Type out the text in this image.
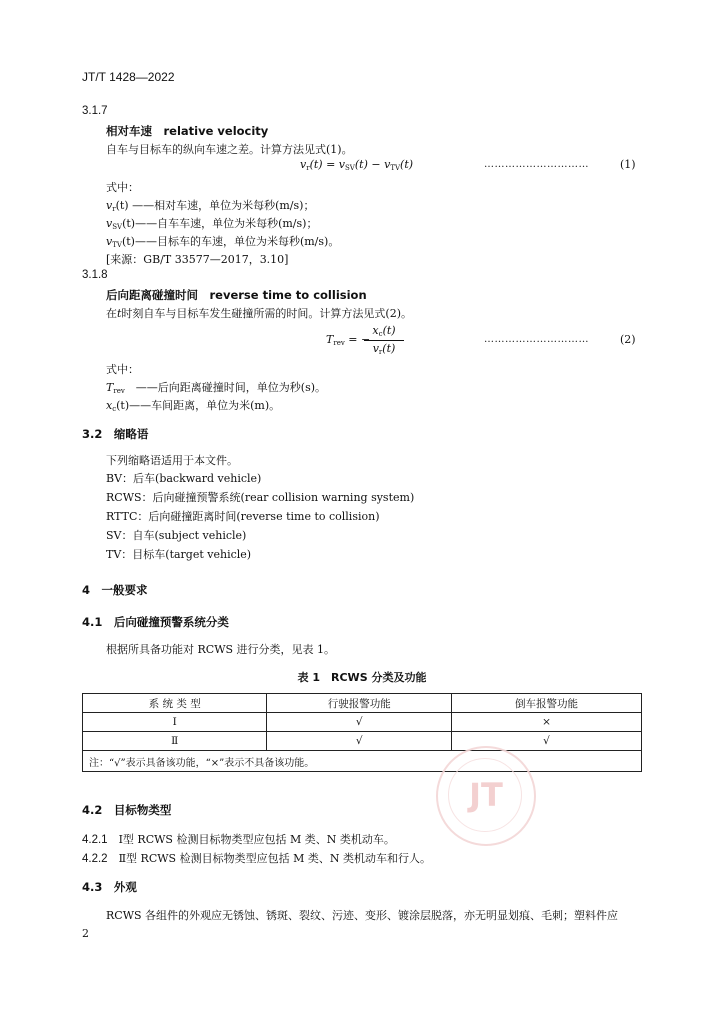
JT/T 1428—2022
3.1.7
相对车速　relative velocity
自车与目标车的纵向车速之差。计算方法见式(1)。
$v_r(t) = v_{SV}(t) - v_{TV}(t)$	…………………………	(1)
式中：
$v_r(t)$ ——相对车速，单位为米每秒(m/s)；
$v_{SV}(t)——$自车车速，单位为米每秒(m/s)；
$v_{TV}(t)——$目标车的车速，单位为米每秒(m/s)。
[来源：GB/T 33577—2017，3.10]
3.1.8
后向距离碰撞时间　reverse time to collision
在t时刻自车与目标车发生碰撞所需的时间。计算方法见式(2)。
$T_{rev}$ = −
$x_c(t)$
$v_r(t)$
…………………………	(2)
式中：
$T_{rev}$  ——后向距离碰撞时间，单位为秒(s)。
$x_c(t)——$车间距离，单位为米(m)。
3.2  缩略语
下列缩略语适用于本文件。
BV：后车(backward vehicle)
RCWS：后向碰撞预警系统(rear collision warning system)
RTTC：后向碰撞距离时间(reverse time to collision)
SV：自车(subject vehicle)
TV：目标车(target vehicle)
4  一般要求
4.1  后向碰撞预警系统分类
根据所具备功能对 RCWS 进行分类，见表 1。
表 1　RCWS 分类及功能
系 统 类 型	行驶报警功能	倒车报警功能
Ⅰ	√	×
Ⅱ	√	√
注：“√”表示具备该功能，“×”表示不具备该功能。		
JT
4.2  目标物类型
4.2.1  Ⅰ型 RCWS 检测目标物类型应包括 M 类、N 类机动车。
4.2.2  Ⅱ型 RCWS 检测目标物类型应包括 M 类、N 类机动车和行人。
4.3  外观
RCWS 各组件的外观应无锈蚀、锈斑、裂纹、污迹、变形、镀涂层脱落，亦无明显划痕、毛刺；塑料件应
2
